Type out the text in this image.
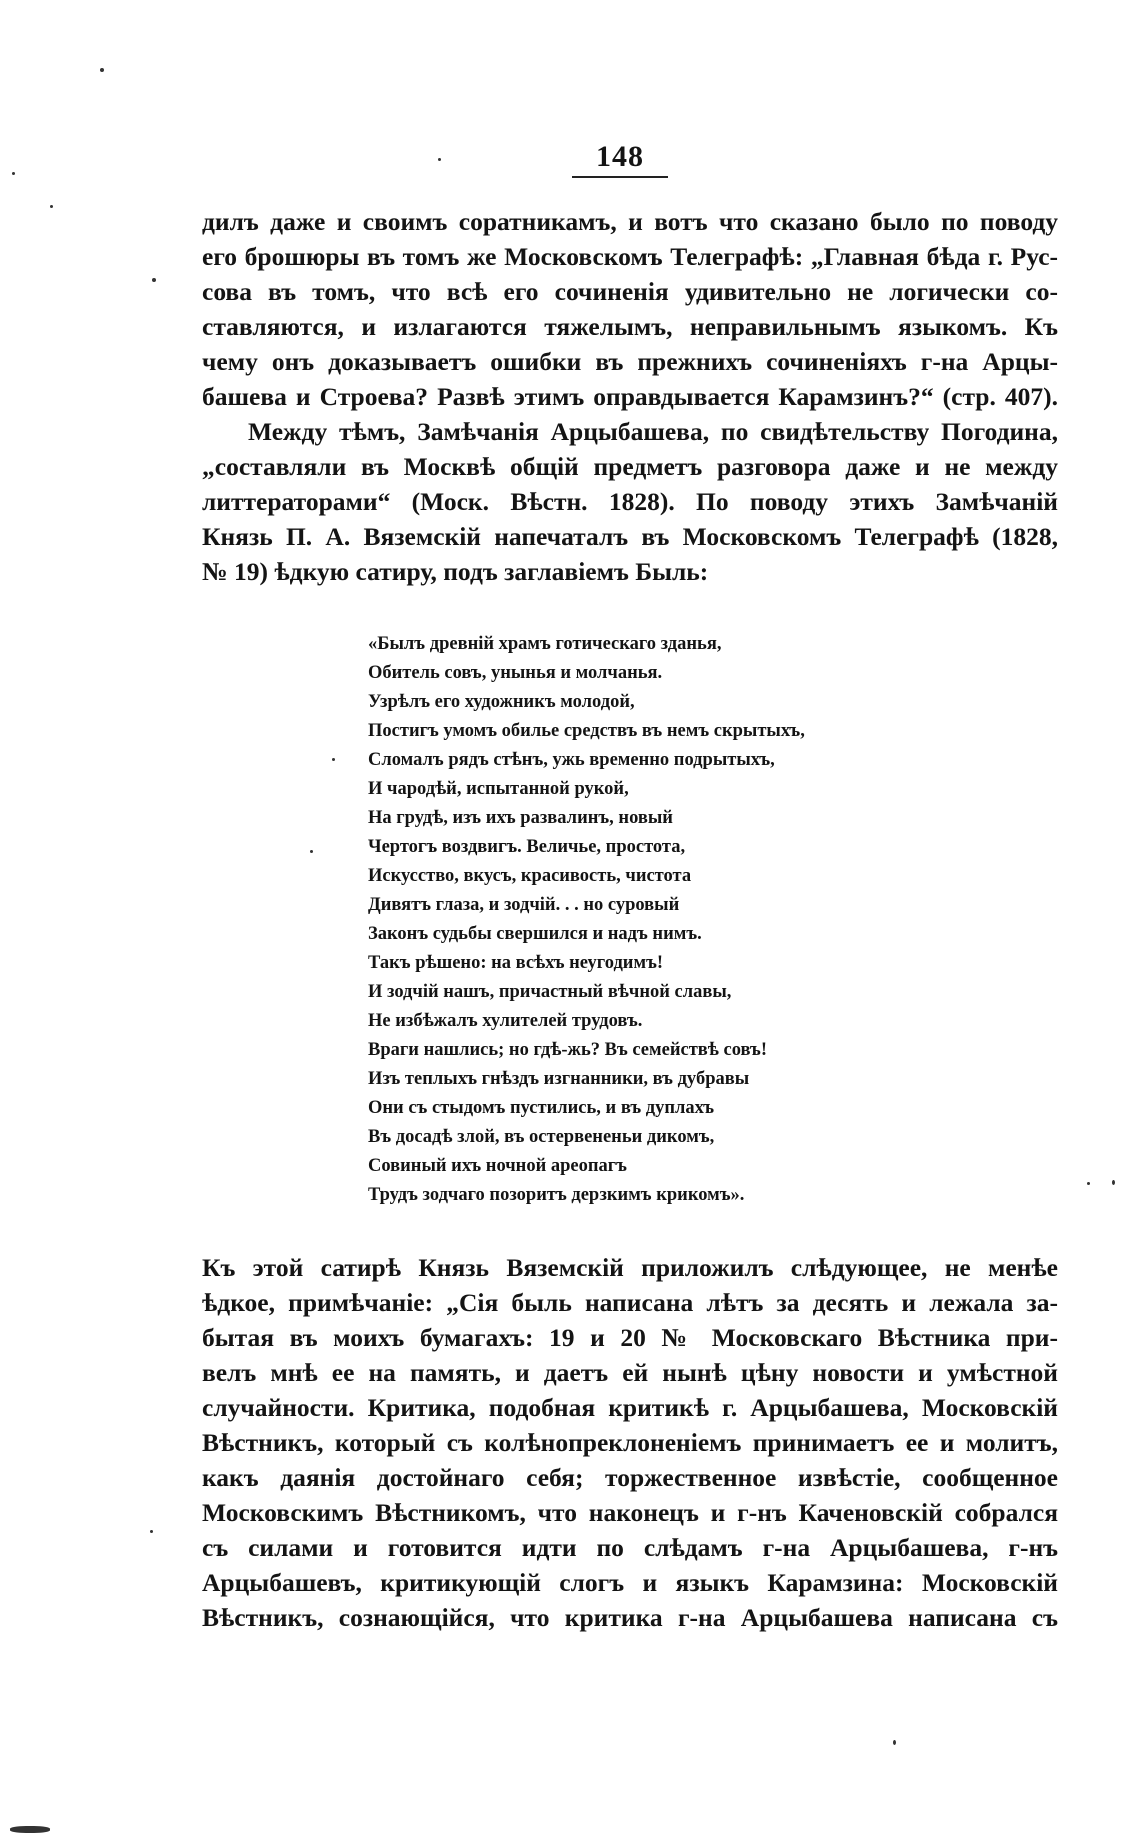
148
дилъ даже и своимъ соратникамъ, и вотъ что сказано было по поводу
его брошюры въ томъ же Московскомъ Телеграфѣ: „Главная бѣда г. Рус-
сова въ томъ, что всѣ его сочиненія удивительно не логически со-
ставляются, и излагаются тяжелымъ, неправильнымъ языкомъ. Къ
чему онъ доказываетъ ошибки въ прежнихъ сочиненіяхъ г-на Арцы-
башева и Строева? Развѣ этимъ оправдывается Карамзинъ?“ (стр. 407).
Между тѣмъ, Замѣчанія Арцыбашева, по свидѣтельству Погодина,
„составляли въ Москвѣ общій предметъ разговора даже и не между
литтераторами“ (Моск. Вѣстн. 1828). По поводу этихъ Замѣчаній
Князь П. А. Вяземскій напечаталъ въ Московскомъ Телеграфѣ (1828,
№ 19) ѣдкую сатиру, подъ заглавіемъ Быль:
«Былъ древній храмъ готическаго зданья,
Обитель совъ, унынья и молчанья.
Узрѣлъ его художникъ молодой,
Постигъ умомъ обилье средствъ въ немъ скрытыхъ,
Сломалъ рядъ стѣнъ, ужь временно подрытыхъ,
И чародѣй, испытанной рукой,
На грудѣ, изъ ихъ развалинъ, новый
Чертогъ воздвигъ. Величье, простота,
Искусство, вкусъ, красивость, чистота
Дивятъ глаза, и зодчій. . . но суровый
Законъ судьбы свершился и надъ нимъ.
Такъ рѣшено: на всѣхъ неугодимъ!
И зодчій нашъ, причастный вѣчной славы,
Не избѣжалъ хулителей трудовъ.
Враги нашлись; но гдѣ-жь? Въ семействѣ совъ!
Изъ теплыхъ гнѣздъ изгнанники, въ дубравы
Они съ стыдомъ пустились, и въ дуплахъ
Въ досадѣ злой, въ остервененьи дикомъ,
Совиный ихъ ночной ареопагъ
Трудъ зодчаго позоритъ дерзкимъ крикомъ».
Къ этой сатирѣ Князь Вяземскій приложилъ слѣдующее, не менѣе
ѣдкое, примѣчаніе: „Сія быль написана лѣтъ за десять и лежала за-
бытая въ моихъ бумагахъ: 19 и 20 № Московскаго Вѣстника при-
велъ мнѣ ее на память, и даетъ ей нынѣ цѣну новости и умѣстной
случайности. Критика, подобная критикѣ г. Арцыбашева, Московскій
Вѣстникъ, который съ колѣнопреклоненіемъ принимаетъ ее и молитъ,
какъ даянія достойнаго себя; торжественное извѣстіе, сообщенное
Московскимъ Вѣстникомъ, что наконецъ и г-нъ Каченовскій собрался
съ силами и готовится идти по слѣдамъ г-на Арцыбашева, г-нъ
Арцыбашевъ, критикующій слогъ и языкъ Карамзина: Московскій
Вѣстникъ, сознающійся, что критика г-на Арцыбашева написана съ
